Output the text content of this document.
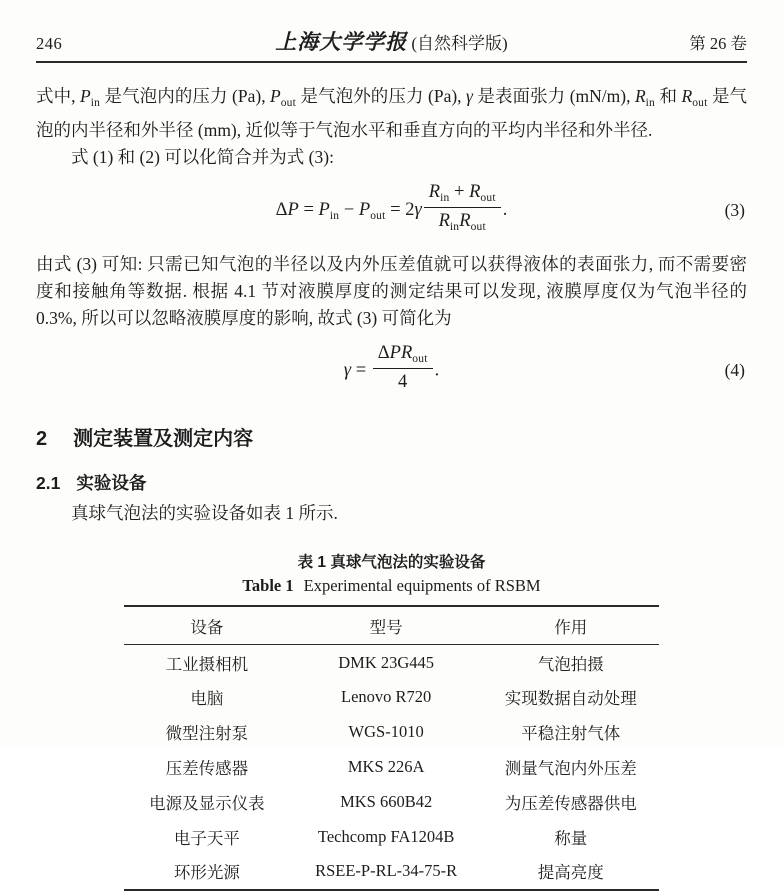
246	上海大学学报 (自然科学版)	第 26 卷

式中, $P_{in}$ 是气泡内的压力 (Pa), $P_{out}$ 是气泡外的压力 (Pa), γ 是表面张力 (mN/m), $R_{in}$ 和 $R_{out}$ 是气泡的内半径和外半径 (mm), 近似等于气泡水平和垂直方向的平均内半径和外半径.

式 (1) 和 (2) 可以化简合并为式 (3):

$\Delta P = P_{in} - P_{out} = 2\gamma \frac{R_{in} + R_{out}}{R_{in}R_{out}}$ .	(3)

由式 (3) 可知: 只需已知气泡的半径以及内外压差值就可以获得液体的表面张力, 而不需要密度和接触角等数据. 根据 4.1 节对液膜厚度的测定结果可以发现, 液膜厚度仅为气泡半径的 0.3%, 所以可以忽略液膜厚度的影响, 故式 (3) 可简化为

$\gamma = \frac{\Delta PR_{out}}{4}$ .	(4)
2 测定装置及测定内容
2.1 实验设备

真球气泡法的实验设备如表 1 所示.

表 1 真球气泡法的实验设备
Table 1 Experimental equipments of RSBM
设备	型号	作用
工业摄相机	DMK 23G445	气泡拍摄
电脑	Lenovo R720	实现数据自动处理
微型注射泵	WGS-1010	平稳注射气体
压差传感器	MKS 226A	测量气泡内外压差
电源及显示仪表	MKS 660B42	为压差传感器供电
电子天平	Techcomp FA1204B	称量
环形光源	RSEE-P-RL-34-75-R	提高亮度
